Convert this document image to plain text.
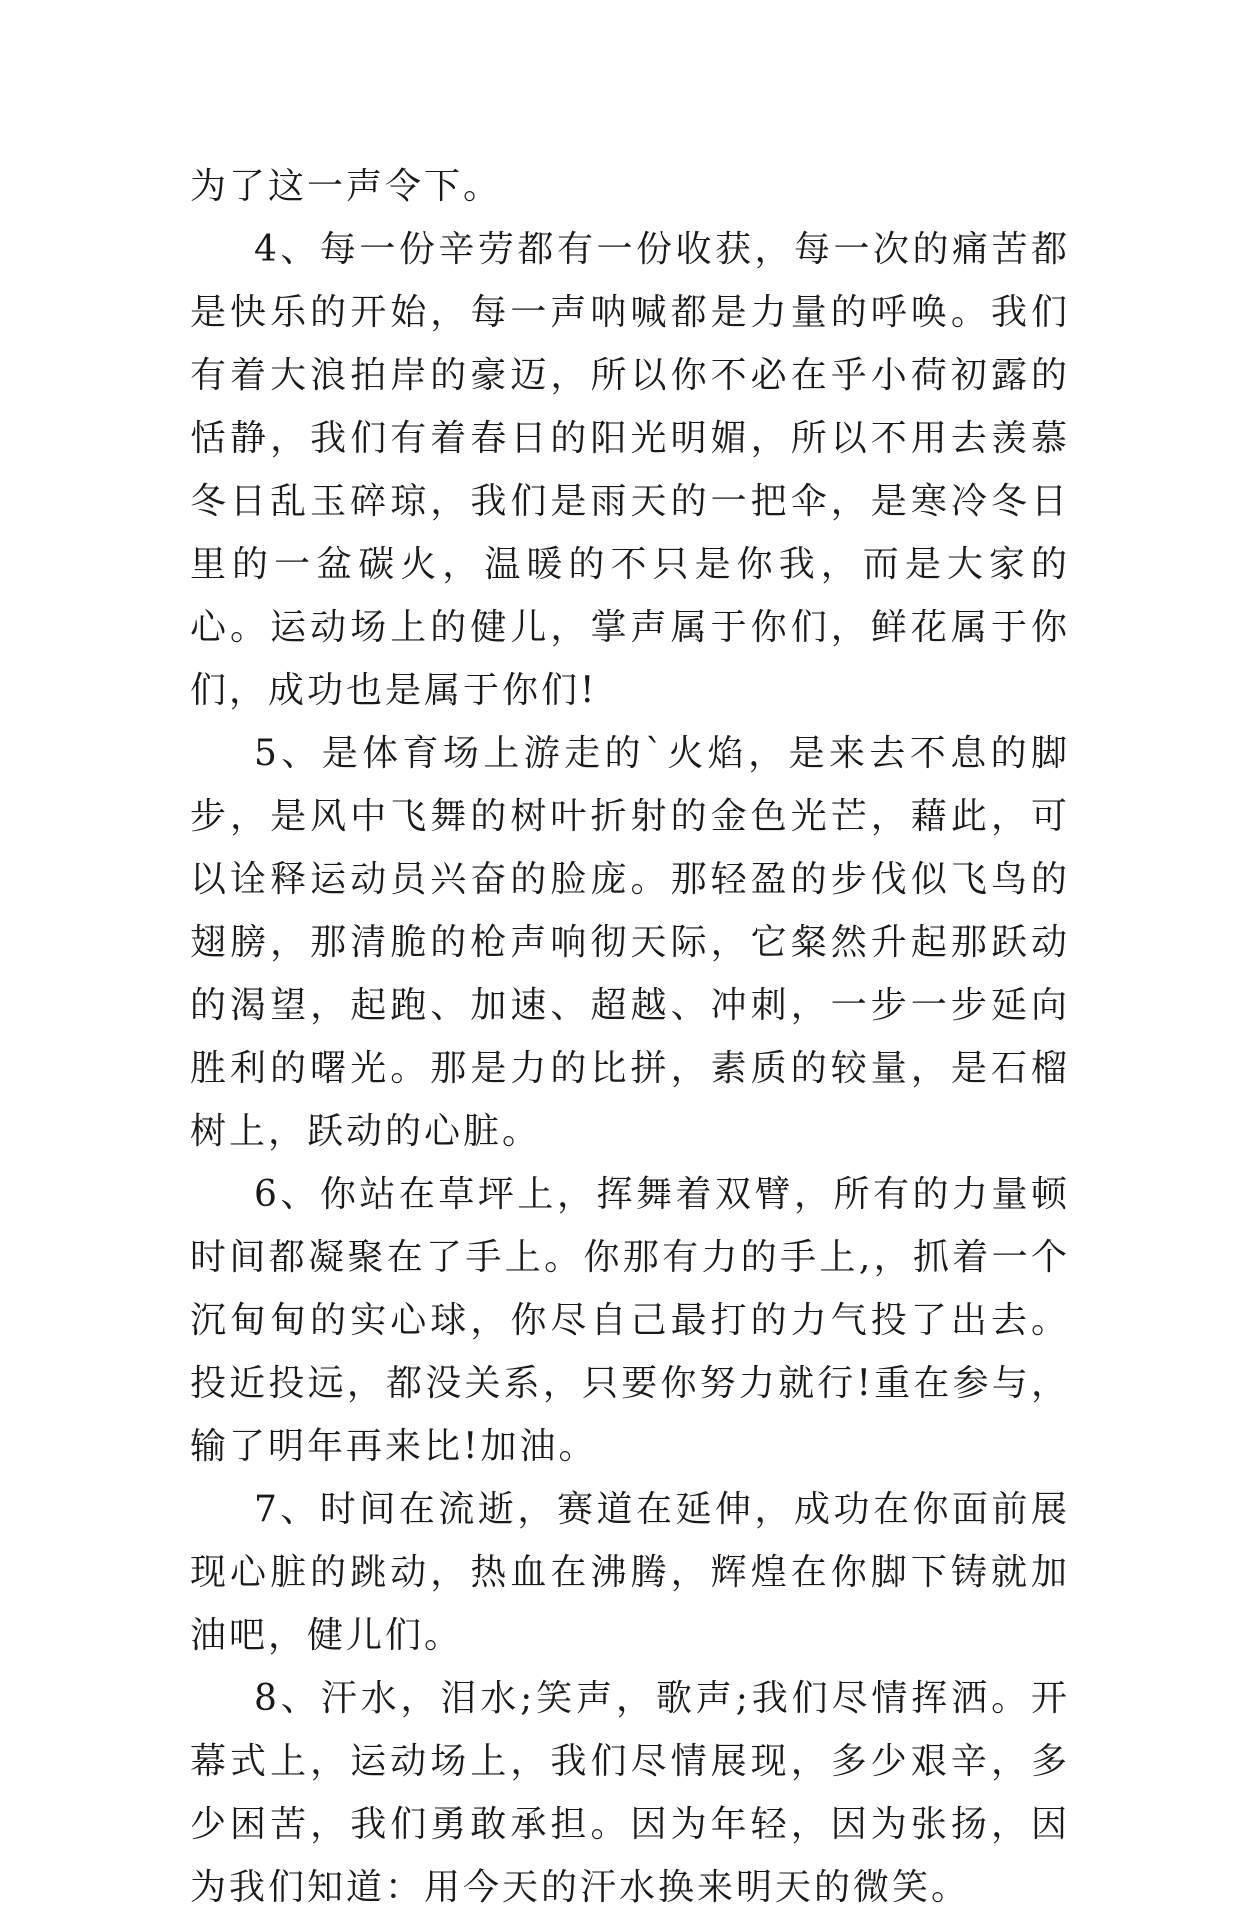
为了这一声令下。

4、每一份辛劳都有一份收获，每一次的痛苦都是快乐的开始，每一声呐喊都是力量的呼唤。我们有着大浪拍岸的豪迈，所以你不必在乎小荷初露的恬静，我们有着春日的阳光明媚，所以不用去羡慕冬日乱玉碎琼，我们是雨天的一把伞，是寒冷冬日里的一盆碳火，温暖的不只是你我，而是大家的心。运动场上的健儿，掌声属于你们，鲜花属于你们，成功也是属于你们!

5、是体育场上游走的`火焰，是来去不息的脚步，是风中飞舞的树叶折射的金色光芒，藉此，可以诠释运动员兴奋的脸庞。那轻盈的步伐似飞鸟的翅膀，那清脆的枪声响彻天际，它粲然升起那跃动的渴望，起跑、加速、超越、冲刺，一步一步延向胜利的曙光。那是力的比拼，素质的较量，是石榴树上，跃动的心脏。

6、你站在草坪上，挥舞着双臂，所有的力量顿时间都凝聚在了手上。你那有力的手上,，抓着一个沉甸甸的实心球，你尽自己最打的力气投了出去。投近投远，都没关系，只要你努力就行!重在参与，输了明年再来比!加油。

7、时间在流逝，赛道在延伸，成功在你面前展现心脏的跳动，热血在沸腾，辉煌在你脚下铸就加油吧，健儿们。

8、汗水，泪水;笑声，歌声;我们尽情挥洒。开幕式上，运动场上，我们尽情展现，多少艰辛，多少困苦，我们勇敢承担。因为年轻，因为张扬，因为我们知道：用今天的汗水换来明天的微笑。
